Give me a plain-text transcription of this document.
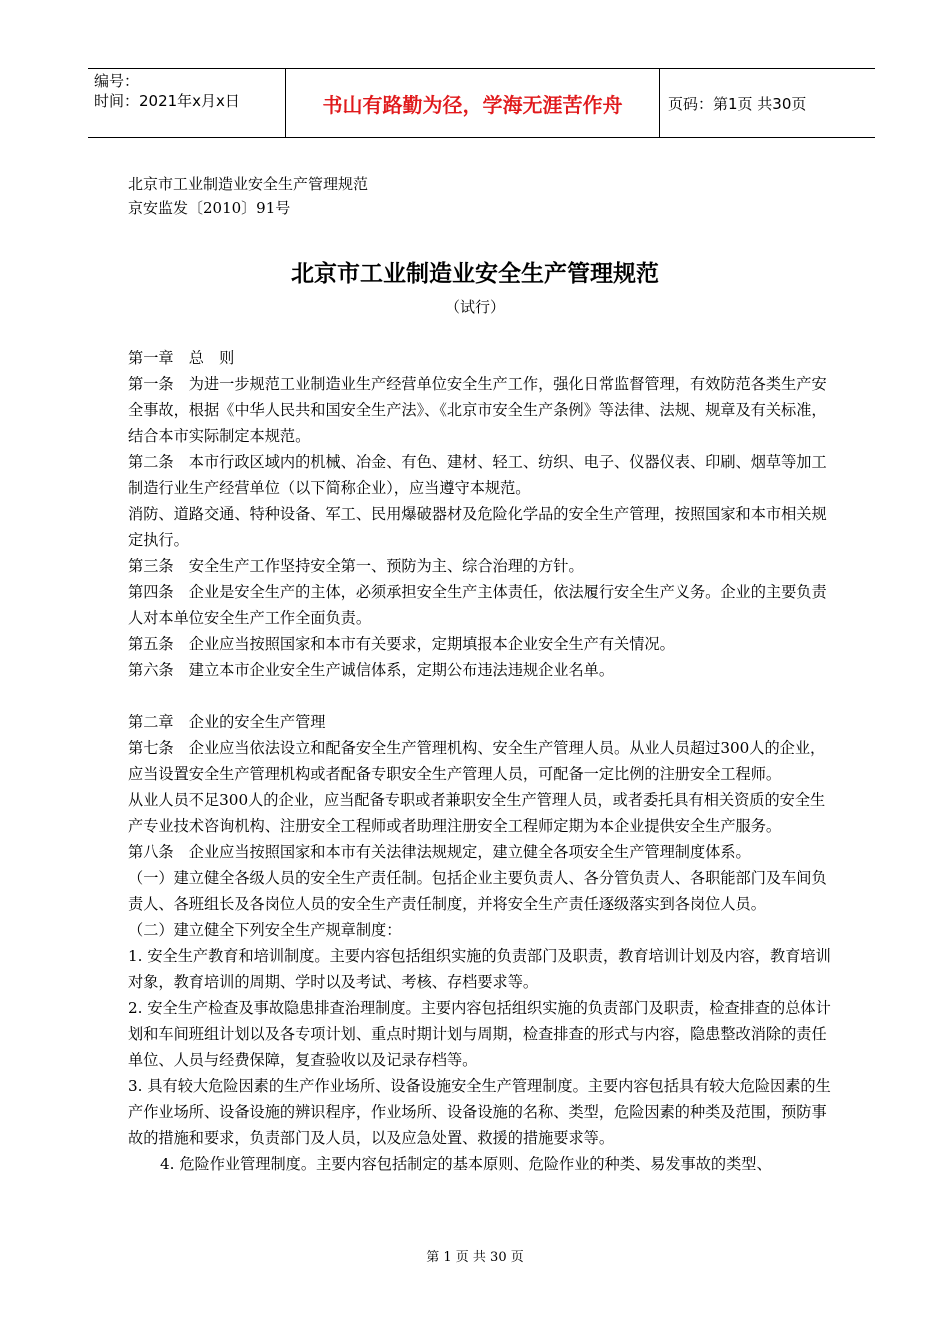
编号：
时间：2021年x月x日	书山有路勤为径，学海无涯苦作舟	页码：第1页 共30页
北京市工业制造业安全生产管理规范
京安监发〔2010〕91号
北京市工业制造业安全生产管理规范
（试行）

第一章　总　则

第一条　为进一步规范工业制造业生产经营单位安全生产工作，强化日常监督管理，有效防范各类生产安全事故，根据《中华人民共和国安全生产法》、《北京市安全生产条例》等法律、法规、规章及有关标准，结合本市实际制定本规范。

第二条　本市行政区域内的机械、冶金、有色、建材、轻工、纺织、电子、仪器仪表、印刷、烟草等加工制造行业生产经营单位（以下简称企业），应当遵守本规范。

消防、道路交通、特种设备、军工、民用爆破器材及危险化学品的安全生产管理，按照国家和本市相关规定执行。

第三条　安全生产工作坚持安全第一、预防为主、综合治理的方针。

第四条　企业是安全生产的主体，必须承担安全生产主体责任，依法履行安全生产义务。企业的主要负责人对本单位安全生产工作全面负责。

第五条　企业应当按照国家和本市有关要求，定期填报本企业安全生产有关情况。

第六条　建立本市企业安全生产诚信体系，定期公布违法违规企业名单。

第二章　企业的安全生产管理

第七条　企业应当依法设立和配备安全生产管理机构、安全生产管理人员。从业人员超过300人的企业，应当设置安全生产管理机构或者配备专职安全生产管理人员，可配备一定比例的注册安全工程师。

从业人员不足300人的企业，应当配备专职或者兼职安全生产管理人员，或者委托具有相关资质的安全生产专业技术咨询机构、注册安全工程师或者助理注册安全工程师定期为本企业提供安全生产服务。

第八条　企业应当按照国家和本市有关法律法规规定，建立健全各项安全生产管理制度体系。

（一）建立健全各级人员的安全生产责任制。包括企业主要负责人、各分管负责人、各职能部门及车间负责人、各班组长及各岗位人员的安全生产责任制度，并将安全生产责任逐级落实到各岗位人员。

（二）建立健全下列安全生产规章制度：

1. 安全生产教育和培训制度。主要内容包括组织实施的负责部门及职责，教育培训计划及内容，教育培训对象，教育培训的周期、学时以及考试、考核、存档要求等。

2. 安全生产检查及事故隐患排查治理制度。主要内容包括组织实施的负责部门及职责，检查排查的总体计划和车间班组计划以及各专项计划、重点时期计划与周期，检查排查的形式与内容，隐患整改消除的责任单位、人员与经费保障，复查验收以及记录存档等。

3. 具有较大危险因素的生产作业场所、设备设施安全生产管理制度。主要内容包括具有较大危险因素的生产作业场所、设备设施的辨识程序，作业场所、设备设施的名称、类型，危险因素的种类及范围，预防事故的措施和要求，负责部门及人员，以及应急处置、救援的措施要求等。

4. 危险作业管理制度。主要内容包括制定的基本原则、危险作业的种类、易发事故的类型、

第 1 页 共 30 页
